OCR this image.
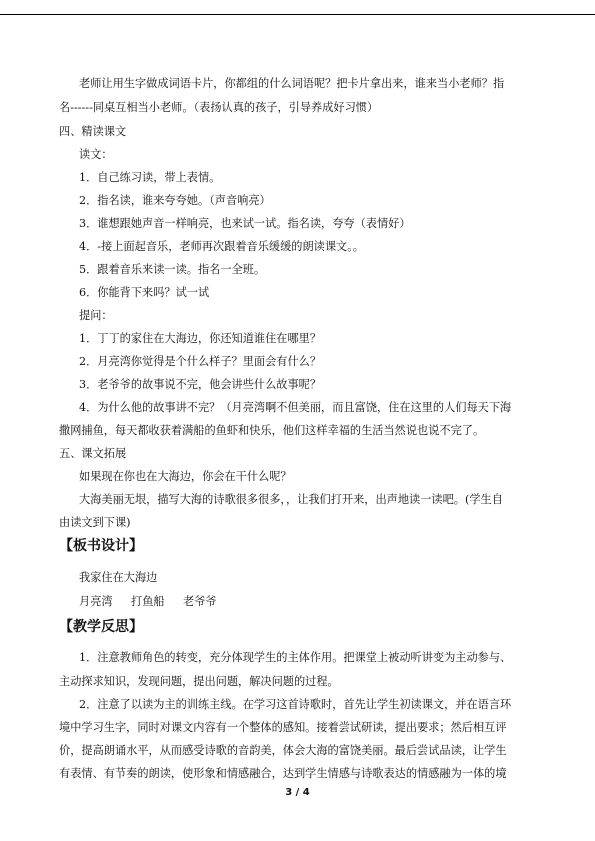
老师让用生字做成词语卡片，你都组的什么词语呢？把卡片拿出来，谁来当小老师？指
名------同桌互相当小老师。（表扬认真的孩子，引导养成好习惯）
四、精读课文
读文：
1．自己练习读，带上表情。
2．指名读，谁来夸夸她。（声音响亮）
3．谁想跟她声音一样响亮，也来试一试。指名读，夸夸（表情好）
4．-接上面起音乐，老师再次跟着音乐缓缓的朗读课文。。
5．跟着音乐来读一读。指名一全班。
6．你能背下来吗？试一试
提问：
1．丁丁的家住在大海边，你还知道谁住在哪里？
2．月亮湾你觉得是个什么样子？里面会有什么？
3．老爷爷的故事说不完，他会讲些什么故事呢？
4．为什么他的故事讲不完？（月亮湾啊不但美丽，而且富饶，住在这里的人们每天下海
撒网捕鱼，每天都收获着满船的鱼虾和快乐，他们这样幸福的生活当然说也说不完了。
五、课文拓展
如果现在你也在大海边，你会在干什么呢？
大海美丽无垠，描写大海的诗歌很多很多，，让我们打开来，出声地读一读吧。(学生自
由读文到下课)
【板书设计】
我家住在大海边
月亮湾 打鱼船 老爷爷
【教学反思】
1．注意教师角色的转变，充分体现学生的主体作用。把课堂上被动听讲变为主动参与、
主动探求知识，发现问题，提出问题，解决问题的过程。
2．注意了以读为主的训练主线。在学习这首诗歌时，首先让学生初读课文，并在语言环
境中学习生字，同时对课文内容有一个整体的感知。接着尝试研读，提出要求；然后相互评
价，提高朗诵水平，从而感受诗歌的音韵美，体会大海的富饶美丽。最后尝试品读，让学生
有表情、有节奏的朗读，使形象和情感融合，达到学生情感与诗歌表达的情感融为一体的境
3 / 4
